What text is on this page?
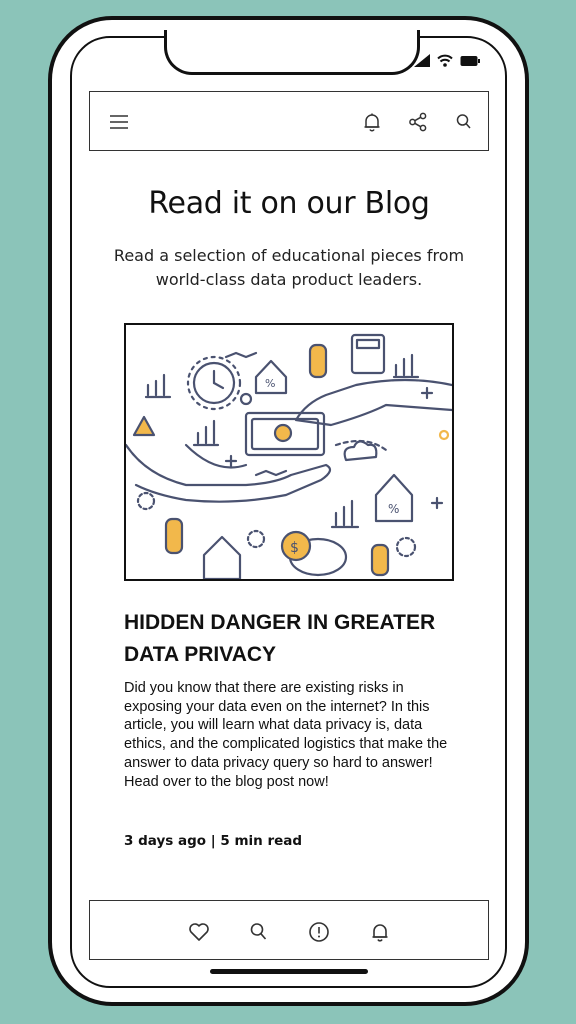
Read it on our Blog
Read a selection of educational pieces from world-class data product leaders.
%
%
$
HIDDEN DANGER IN GREATER DATA PRIVACY
Did you know that there are existing risks in exposing your data even on the internet? In this article, you will learn what data privacy is, data ethics, and the complicated logistics that make the answer to data privacy query so hard to answer! Head over to the blog post now!
3 days ago | 5 min read
